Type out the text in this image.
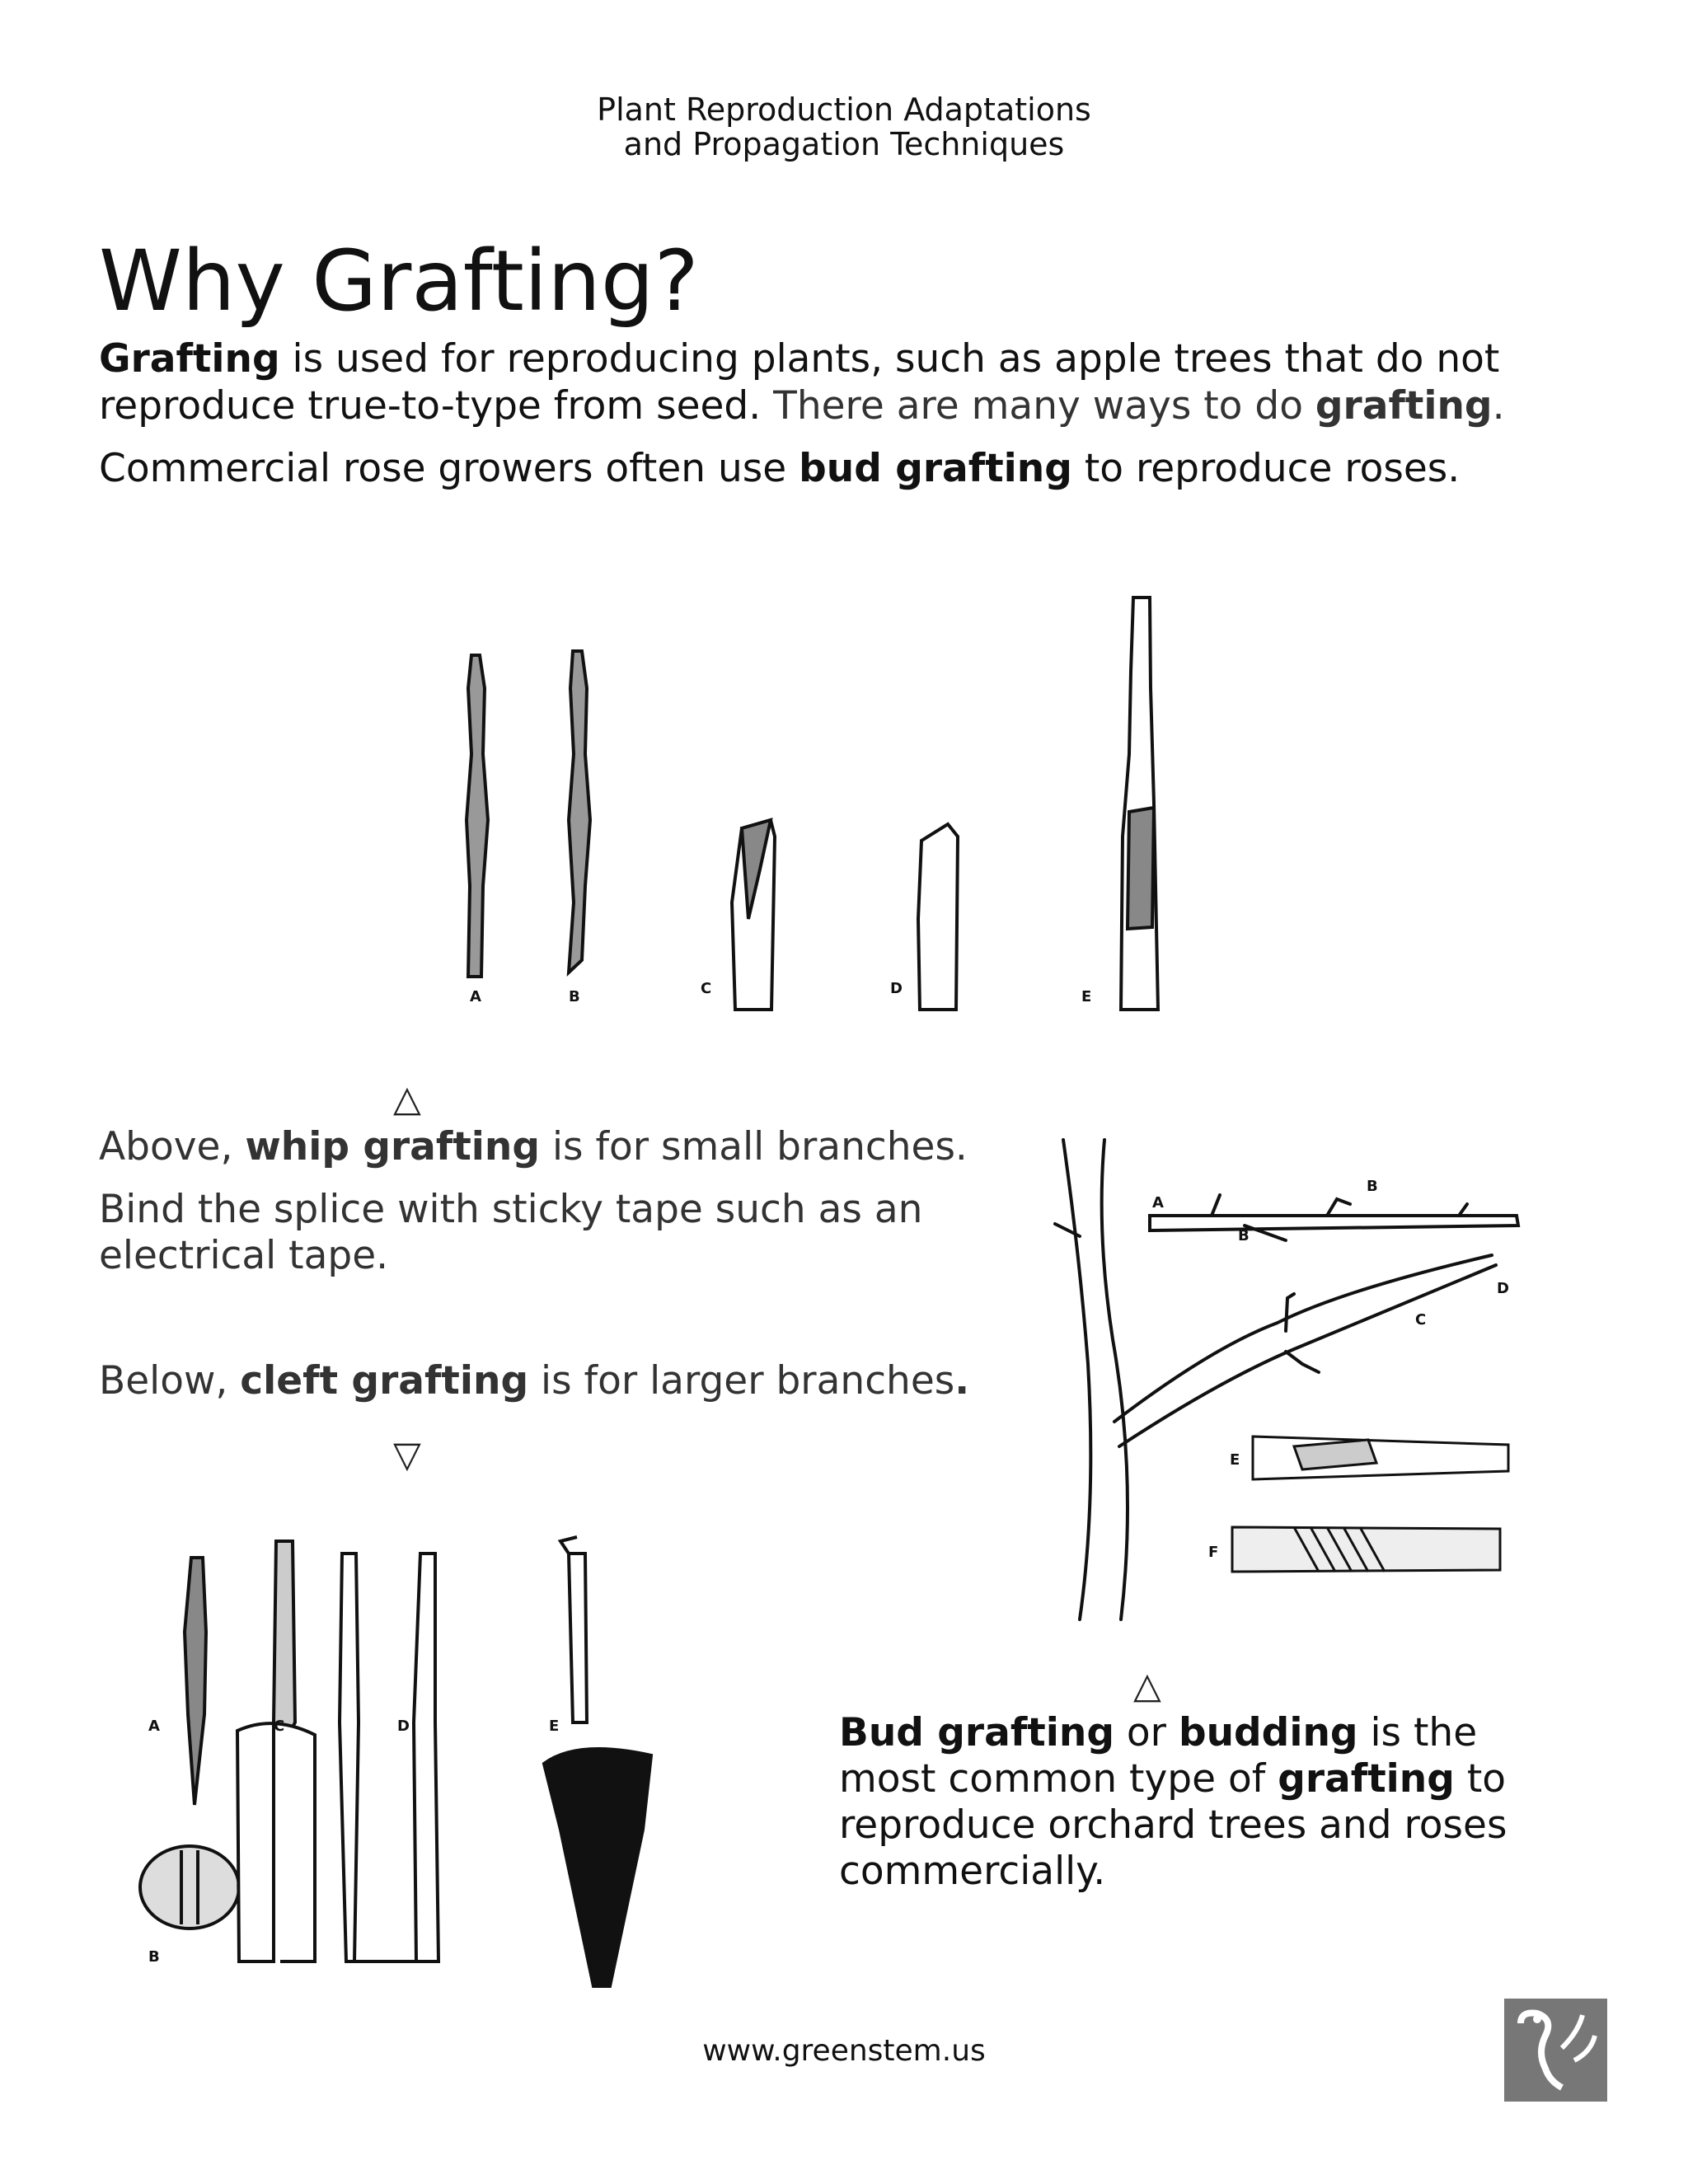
Plant Reproduction Adaptations
and Propagation Techniques
Why Grafting?
Grafting is used for reproducing plants, such as apple trees that do not
reproduce true-to-type from seed. There are many ways to do grafting.
Commercial rose growers often use bud grafting to reproduce roses.
A	B	C	D	E
△
Above, whip grafting is for small branches.
Bind the splice with sticky tape such as an
electrical tape.
Below, cleft grafting is for larger branches.
▽
A
B
B
C
D
E
F
△
Bud grafting or budding is the
most common type of grafting to
reproduce orchard trees and roses
commercially.
A
B
C	D	E
www.greenstem.us
